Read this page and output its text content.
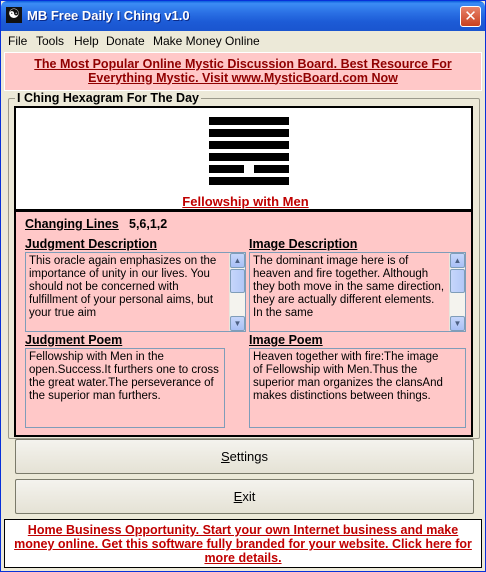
☯ MB Free Daily I Ching v1.0	✕
File Tools Help Donate Make Money Online
The Most Popular Online Mystic Discussion Board. Best Resource For Everything Mystic. Visit www.MysticBoard.com Now
I Ching Hexagram For The Day
Fellowship with Men
Changing Lines 5,6,1,2
Judgment Description	Image Description
This oracle again emphasizes on the importance of unity in our lives. You should not be concerned with fulfillment of your personal aims, but your true aim
▲
▼
The dominant image here is of heaven and fire together. Although they both move in the same direction, they are actually different elements. In the same
▲
▼
Judgment Poem	Image Poem
Fellowship with Men in the open.Success.It furthers one to cross the great water.The perseverance of the superior man furthers.
Heaven together with fire:The image of Fellowship with Men.Thus the superior man organizes the clansAnd makes distinctions between things.
Settings
Exit
Home Business Opportunity. Start your own Internet business and make money online. Get this software fully branded for your website. Click here for more details.
